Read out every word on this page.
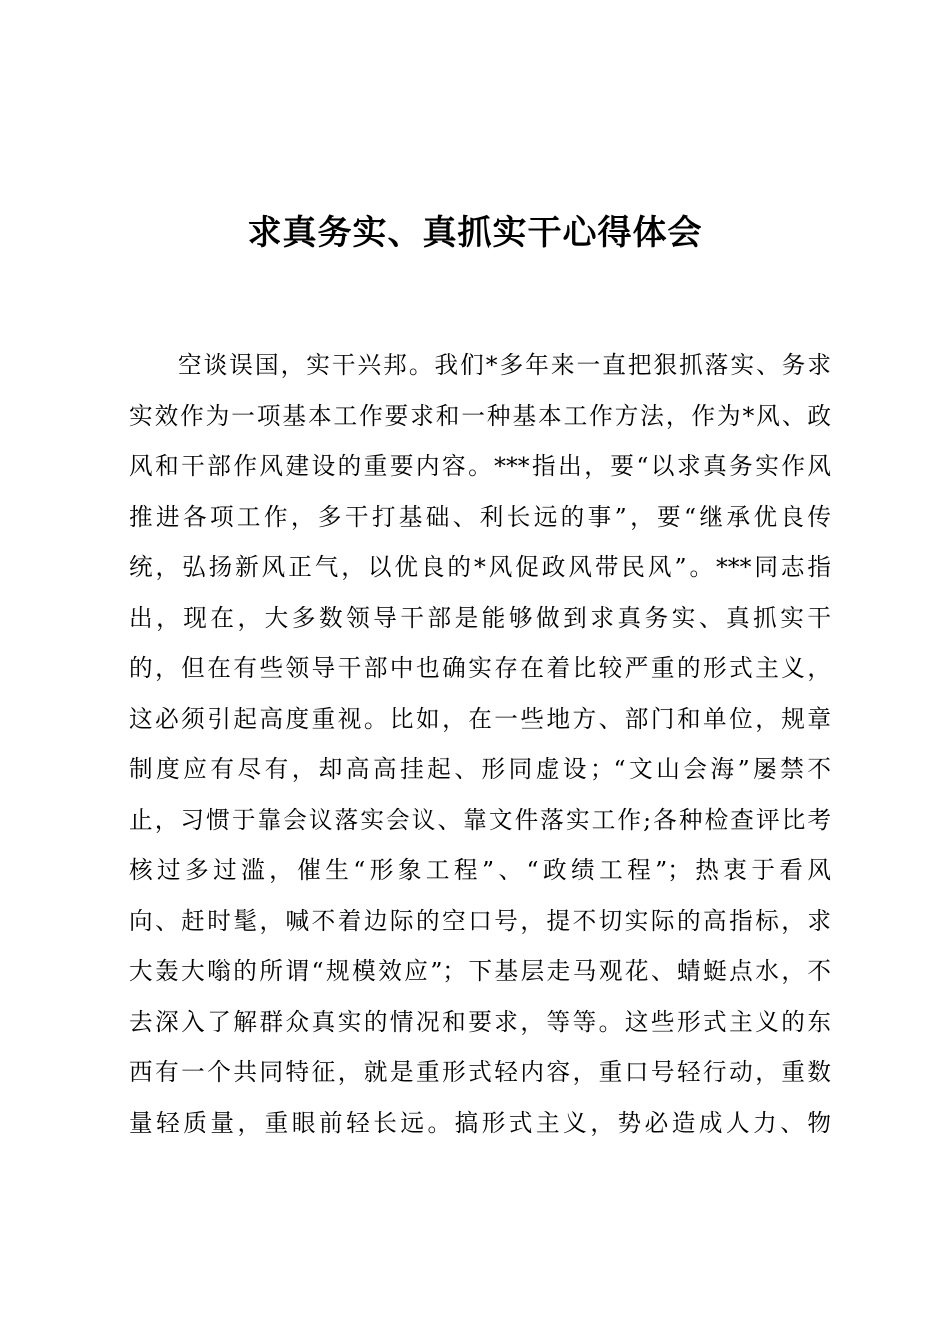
求真务实、真抓实干心得体会
空谈误国，实干兴邦。我们*多年来一直把狠抓落实、务求
实效作为一项基本工作要求和一种基本工作方法，作为*风、政
风和干部作风建设的重要内容。***指出，要“以求真务实作风
推进各项工作，多干打基础、利长远的事”，要“继承优良传
统，弘扬新风正气，以优良的*风促政风带民风”。***同志指
出，现在，大多数领导干部是能够做到求真务实、真抓实干
的，但在有些领导干部中也确实存在着比较严重的形式主义，
这必须引起高度重视。比如，在一些地方、部门和单位，规章
制度应有尽有，却高高挂起、形同虚设；“文山会海”屡禁不
止，习惯于靠会议落实会议、靠文件落实工作;各种检查评比考
核过多过滥，催生“形象工程”、“政绩工程”；热衷于看风
向、赶时髦，喊不着边际的空口号，提不切实际的高指标，求
大轰大嗡的所谓“规模效应”；下基层走马观花、蜻蜓点水，不
去深入了解群众真实的情况和要求，等等。这些形式主义的东
西有一个共同特征，就是重形式轻内容，重口号轻行动，重数
量轻质量，重眼前轻长远。搞形式主义，势必造成人力、物
